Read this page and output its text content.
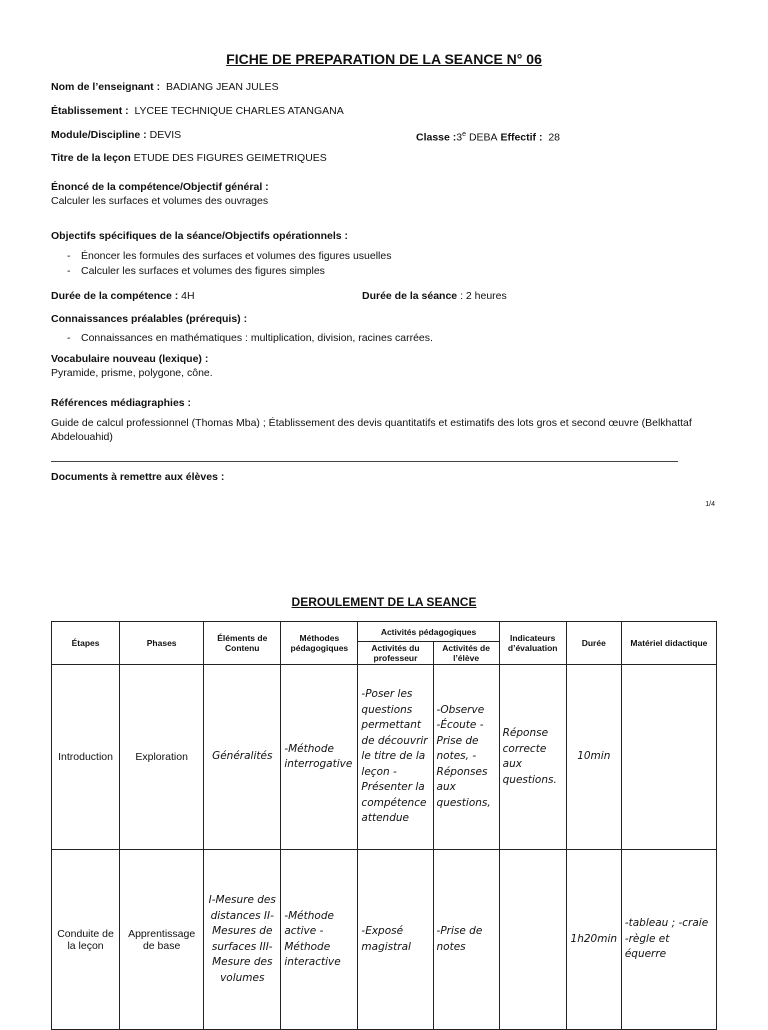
FICHE DE PREPARATION DE LA SEANCE N° 06
Nom de l’enseignant : BADIANG JEAN JULES
Établissement : LYCEE TECHNIQUE CHARLES ATANGANA
Module/Discipline : DEVIS	Classe :3e DEBA Effectif : 28
Titre de la leçon ETUDE DES FIGURES GEIMETRIQUES
Énoncé de la compétence/Objectif général :
Calculer les surfaces et volumes des ouvrages
Objectifs spécifiques de la séance/Objectifs opérationnels :
- Énoncer les formules des surfaces et volumes des figures usuelles
- Calculer les surfaces et volumes des figures simples
Durée de la compétence : 4H	Durée de la séance : 2 heures
Connaissances préalables (prérequis) :
- Connaissances en mathématiques : multiplication, division, racines carrées.
Vocabulaire nouveau (lexique) :
Pyramide, prisme, polygone, cône.
Références médiagraphies :
Guide de calcul professionnel (Thomas Mba) ; Établissement des devis quantitatifs et estimatifs des lots gros et second œuvre (Belkhattaf
Abdelouahid)
Documents à remettre aux élèves :
1/4
DEROULEMENT DE LA SEANCE
Étapes	Phases	Éléments de Contenu	Méthodes pédagogiques	Activités pédagogiques		Indicateurs d’évaluation	Durée	Matériel didactique
				Activités du professeur	Activités de l’élève			
Introduction	Exploration	Généralités	-Méthode interrogative	-Poser les questions permettant de découvrir le titre de la leçon -Présenter la compétence attendue	-Observe -Écoute -Prise de notes, - Réponses aux questions,	Réponse correcte aux questions.	10min	
Conduite de la leçon	Apprentissage de base	I-Mesure des distances II- Mesures de surfaces III- Mesure des volumes	-Méthode active -Méthode interactive	-Exposé magistral	-Prise de notes		1h20min	-tableau ; -craie -règle et équerre
